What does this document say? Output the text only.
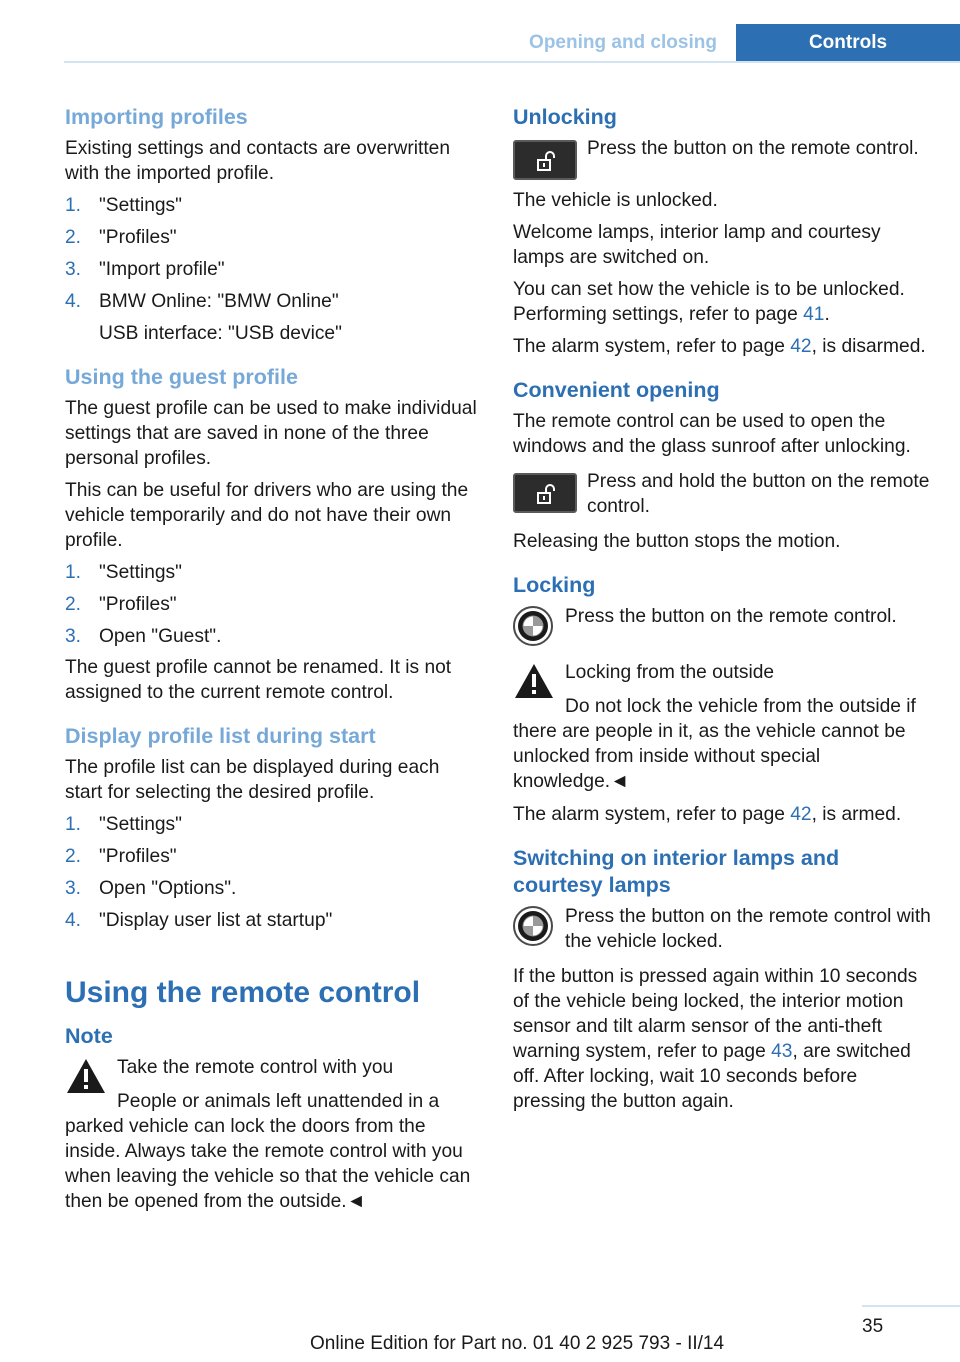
Opening and closing	Controls
Importing profiles

Existing settings and contacts are overwritten with the imported profile.

1. "Settings"
2. "Profiles"
3. "Import profile"
4. BMW Online: "BMW Online"
USB interface: "USB device"
Using the guest profile

The guest profile can be used to make individual settings that are saved in none of the three personal profiles.

This can be useful for drivers who are using the vehicle temporarily and do not have their own profile.

1. "Settings"
2. "Profiles"
3. Open "Guest".

The guest profile cannot be renamed. It is not assigned to the current remote control.

Display profile list during start

The profile list can be displayed during each start for selecting the desired profile.

1. "Settings"
2. "Profiles"
3. Open "Options".
4. "Display user list at startup"
Using the remote control
Note

Take the remote control with you

People or animals left unattended in a parked vehicle can lock the doors from the inside. Always take the remote control with you when leaving the vehicle so that the vehicle can then be opened from the outside.◄

Unlocking
Press the button on the remote control.

The vehicle is unlocked.

Welcome lamps, interior lamp and courtesy lamps are switched on.

You can set how the vehicle is to be unlocked. Performing settings, refer to page 41.

The alarm system, refer to page 42, is disarmed.

Convenient opening

The remote control can be used to open the windows and the glass sunroof after unlocking.

Press and hold the button on the remote control.

Releasing the button stops the motion.

Locking
Press the button on the remote control.

Locking from the outside

Do not lock the vehicle from the outside if there are people in it, as the vehicle cannot be unlocked from inside without special knowledge.◄

The alarm system, refer to page 42, is armed.

Switching on interior lamps and courtesy lamps
Press the button on the remote control with the vehicle locked.

If the button is pressed again within 10 seconds of the vehicle being locked, the interior motion sensor and tilt alarm sensor of the anti-theft warning system, refer to page 43, are switched off. After locking, wait 10 seconds before pressing the button again.

35
Online Edition for Part no. 01 40 2 925 793 - II/14
